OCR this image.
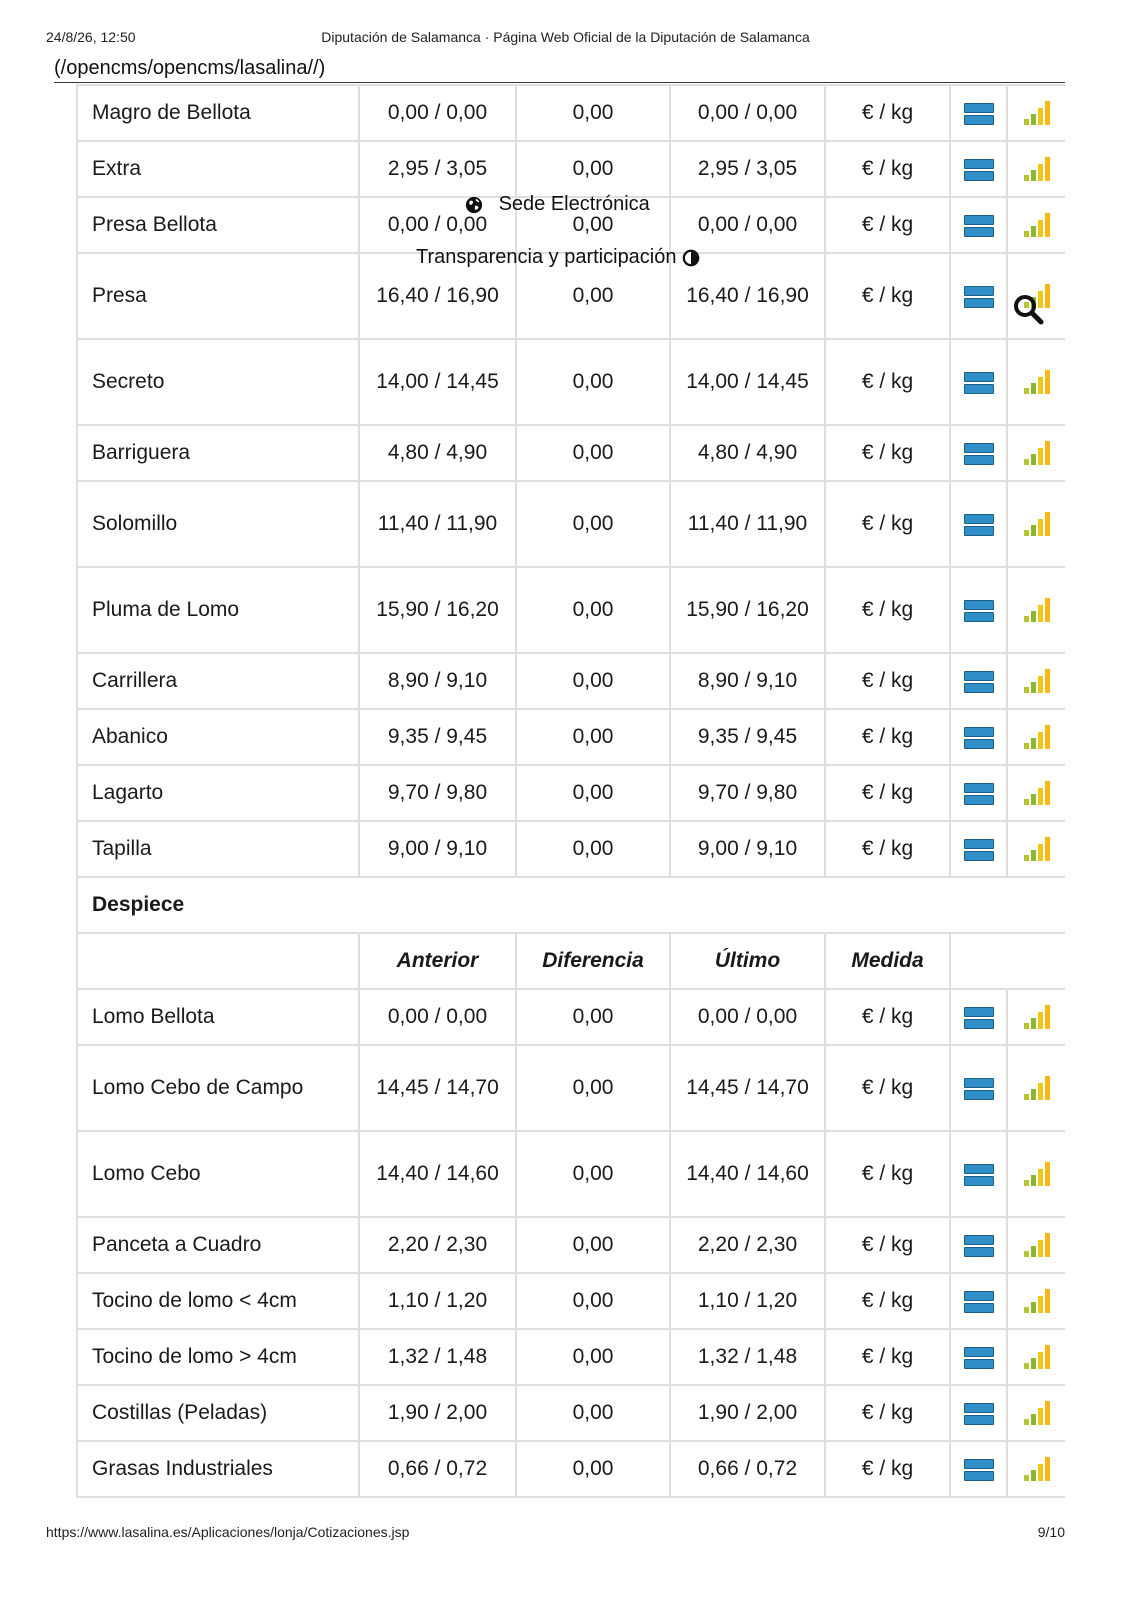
24/8/26, 12:50	Diputación de Salamanca · Página Web Oficial de la Diputación de Salamanca
(/opencms/opencms/lasalina//)
Magro de Bellota	0,00 / 0,00	0,00	0,00 / 0,00	€ / kg	

Extra	2,95 / 3,05	0,00	2,95 / 3,05	€ / kg	

Presa Bellota	0,00 / 0,00	0,00	0,00 / 0,00	€ / kg	

Presa	16,40 / 16,90	0,00	16,40 / 16,90	€ / kg	

Secreto	14,00 / 14,45	0,00	14,00 / 14,45	€ / kg	

Barriguera	4,80 / 4,90	0,00	4,80 / 4,90	€ / kg	

Solomillo	11,40 / 11,90	0,00	11,40 / 11,90	€ / kg	

Pluma de Lomo	15,90 / 16,20	0,00	15,90 / 16,20	€ / kg	

Carrillera	8,90 / 9,10	0,00	8,90 / 9,10	€ / kg	

Abanico	9,35 / 9,45	0,00	9,35 / 9,45	€ / kg	

Lagarto	9,70 / 9,80	0,00	9,70 / 9,80	€ / kg	

Tapilla	9,00 / 9,10	0,00	9,00 / 9,10	€ / kg	

Despiece						
	Anterior	Diferencia	Último	Medida		
Lomo Bellota	0,00 / 0,00	0,00	0,00 / 0,00	€ / kg	

Lomo Cebo de Campo	14,45 / 14,70	0,00	14,45 / 14,70	€ / kg	

Lomo Cebo	14,40 / 14,60	0,00	14,40 / 14,60	€ / kg	

Panceta a Cuadro	2,20 / 2,30	0,00	2,20 / 2,30	€ / kg	

Tocino de lomo < 4cm	1,10 / 1,20	0,00	1,10 / 1,20	€ / kg	

Tocino de lomo > 4cm	1,32 / 1,48	0,00	1,32 / 1,48	€ / kg	

Costillas (Peladas)	1,90 / 2,00	0,00	1,90 / 2,00	€ / kg	

Grasas Industriales	0,66 / 0,72	0,00	0,66 / 0,72	€ / kg	

Sede Electrónica
Transparencia y participación
https://www.lasalina.es/Aplicaciones/lonja/Cotizaciones.jsp	9/10
